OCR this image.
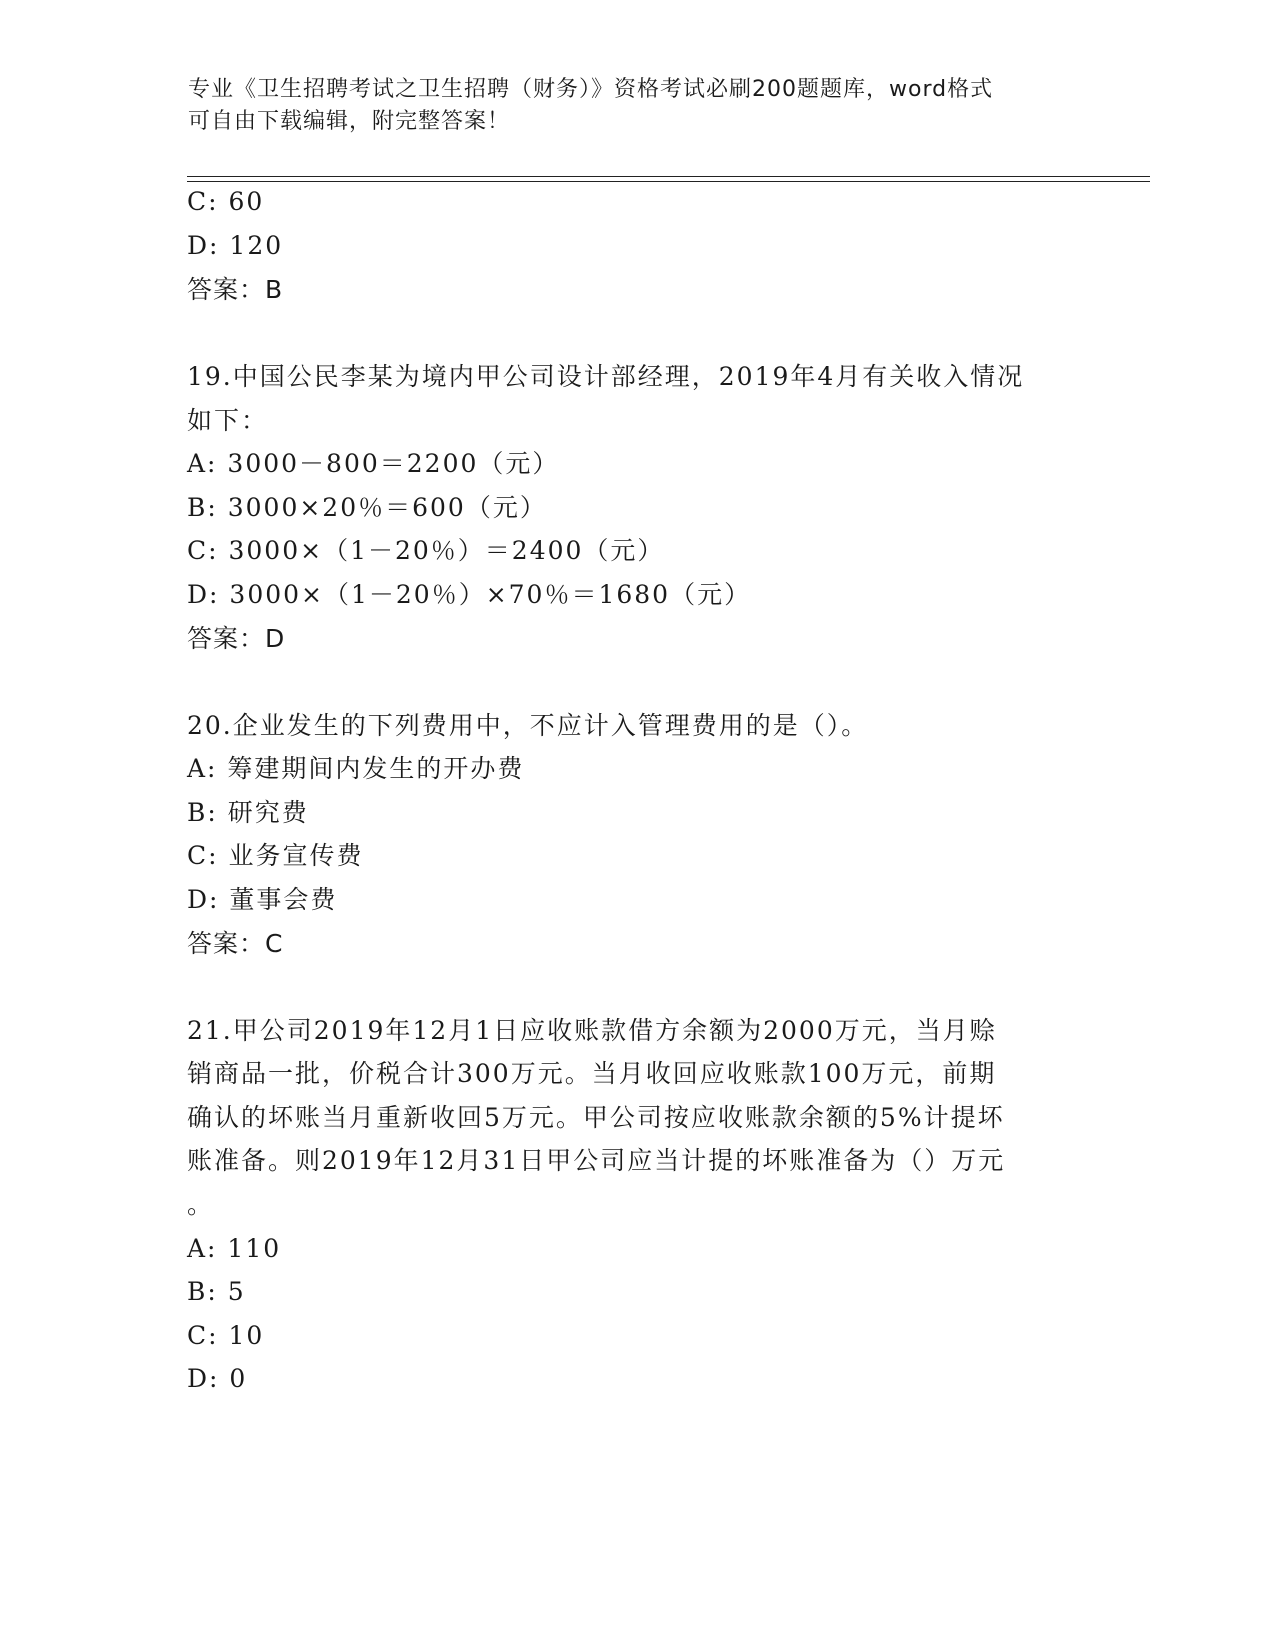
专业《卫生招聘考试之卫生招聘（财务）》资格考试必刷200题题库，word格式
可自由下载编辑，附完整答案！
C: 60
D: 120
答案：B
19.中国公民李某为境内甲公司设计部经理，2019年4月有关收入情况
如下：
A: 3000－800＝2200（元）
B: 3000×20％＝600（元）
C: 3000×（1－20％）＝2400（元）
D: 3000×（1－20％）×70％＝1680（元）
答案：D
20.企业发生的下列费用中，不应计入管理费用的是（）。
A: 筹建期间内发生的开办费
B: 研究费
C: 业务宣传费
D: 董事会费
答案：C
21.甲公司2019年12月1日应收账款借方余额为2000万元，当月赊
销商品一批，价税合计300万元。当月收回应收账款100万元，前期
确认的坏账当月重新收回5万元。甲公司按应收账款余额的5%计提坏
账准备。则2019年12月31日甲公司应当计提的坏账准备为（）万元
。
A: 110
B: 5
C: 10
D: 0
